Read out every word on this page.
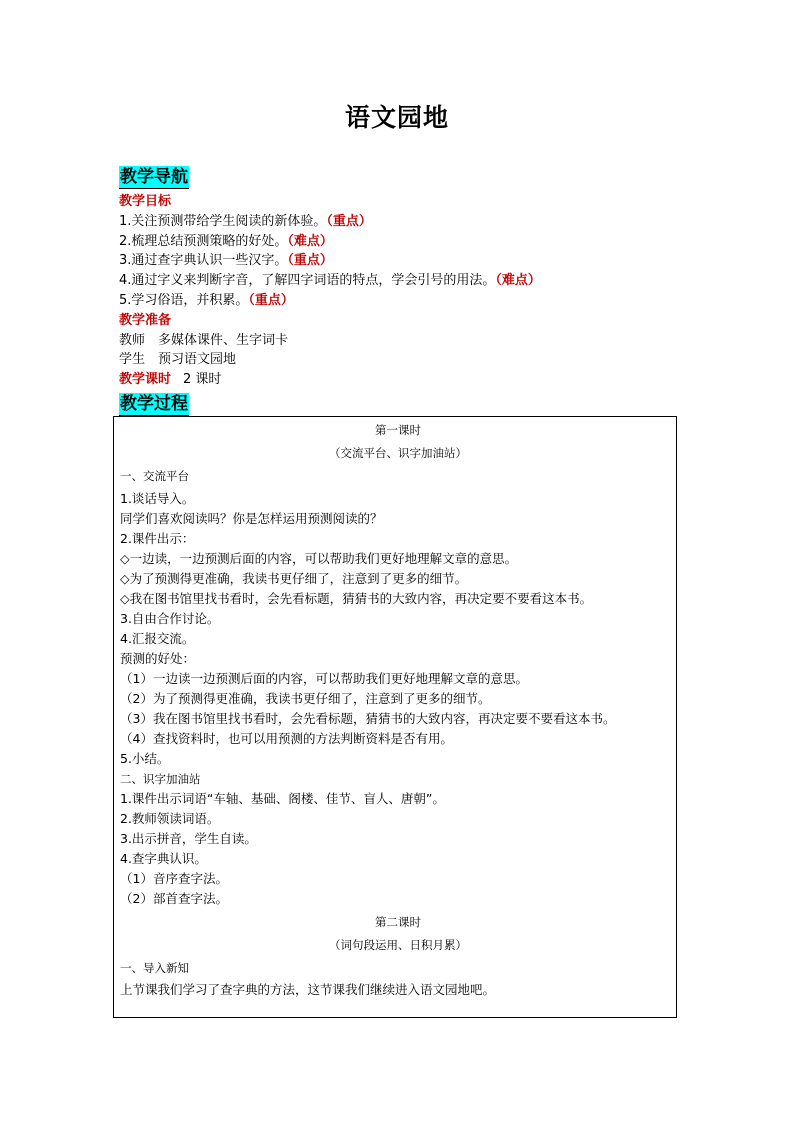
语文园地
教学导航
教学目标
1.关注预测带给学生阅读的新体验。（重点）
2.梳理总结预测策略的好处。（难点）
3.通过查字典认识一些汉字。（重点）
4.通过字义来判断字音，了解四字词语的特点，学会引号的用法。（难点）
5.学习俗语，并积累。（重点）
教学准备
教师　多媒体课件、生字词卡
学生　预习语文园地
教学课时 2 课时
教学过程
第一课时
（交流平台、识字加油站）
一、交流平台
1.谈话导入。
同学们喜欢阅读吗？你是怎样运用预测阅读的？
2.课件出示：
◇一边读，一边预测后面的内容，可以帮助我们更好地理解文章的意思。
◇为了预测得更准确，我读书更仔细了，注意到了更多的细节。
◇我在图书馆里找书看时，会先看标题，猜猜书的大致内容，再决定要不要看这本书。
3.自由合作讨论。
4.汇报交流。
预测的好处：
（1）一边读一边预测后面的内容，可以帮助我们更好地理解文章的意思。
（2）为了预测得更准确，我读书更仔细了，注意到了更多的细节。
（3）我在图书馆里找书看时，会先看标题，猜猜书的大致内容，再决定要不要看这本书。
（4）查找资料时，也可以用预测的方法判断资料是否有用。
5.小结。
二、识字加油站
1.课件出示词语“车轴、基础、阁楼、佳节、盲人、唐朝”。
2.教师领读词语。
3.出示拼音，学生自读。
4.查字典认识。
（1）音序查字法。
（2）部首查字法。
第二课时
（词句段运用、日积月累）
一、导入新知
上节课我们学习了查字典的方法，这节课我们继续进入语文园地吧。
